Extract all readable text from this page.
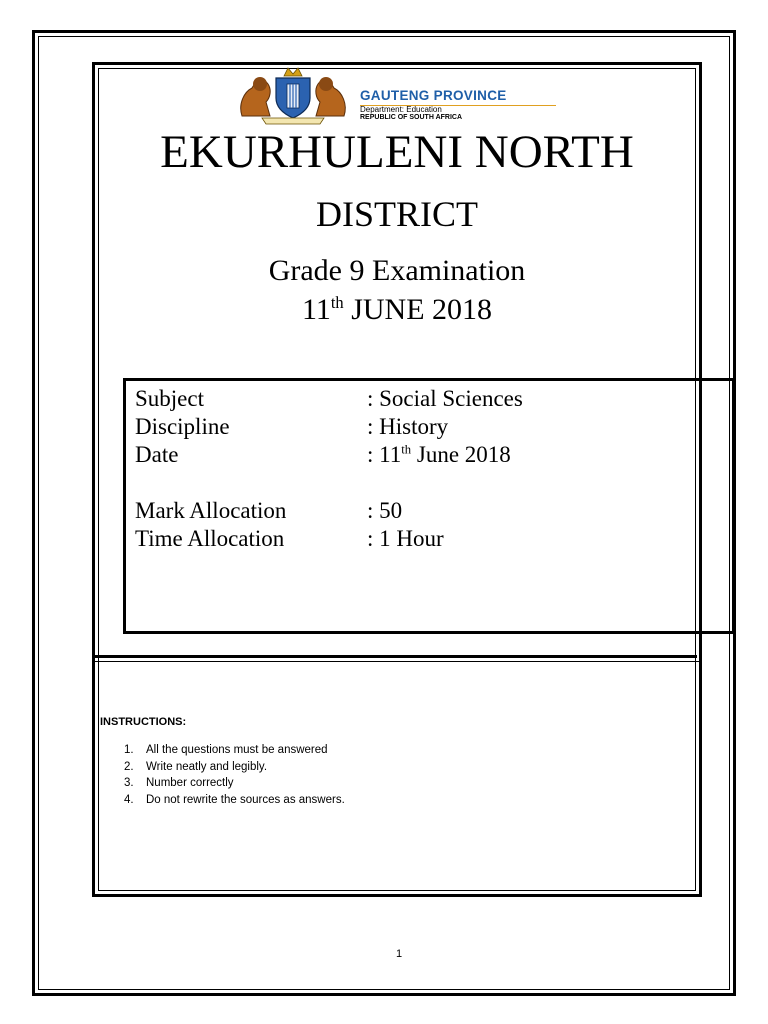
GAUTENG PROVINCE
Department: Education
REPUBLIC OF SOUTH AFRICA
EKURHULENI NORTH
DISTRICT
Grade 9 Examination
11th JUNE 2018
Subject	: Social Sciences
Discipline	: History
Date	: 11th June 2018
Mark Allocation	: 50
Time Allocation	: 1 Hour
INSTRUCTIONS:
1. All the questions must be answered
2. Write neatly and legibly.
3. Number correctly
4. Do not rewrite the sources as answers.
1
